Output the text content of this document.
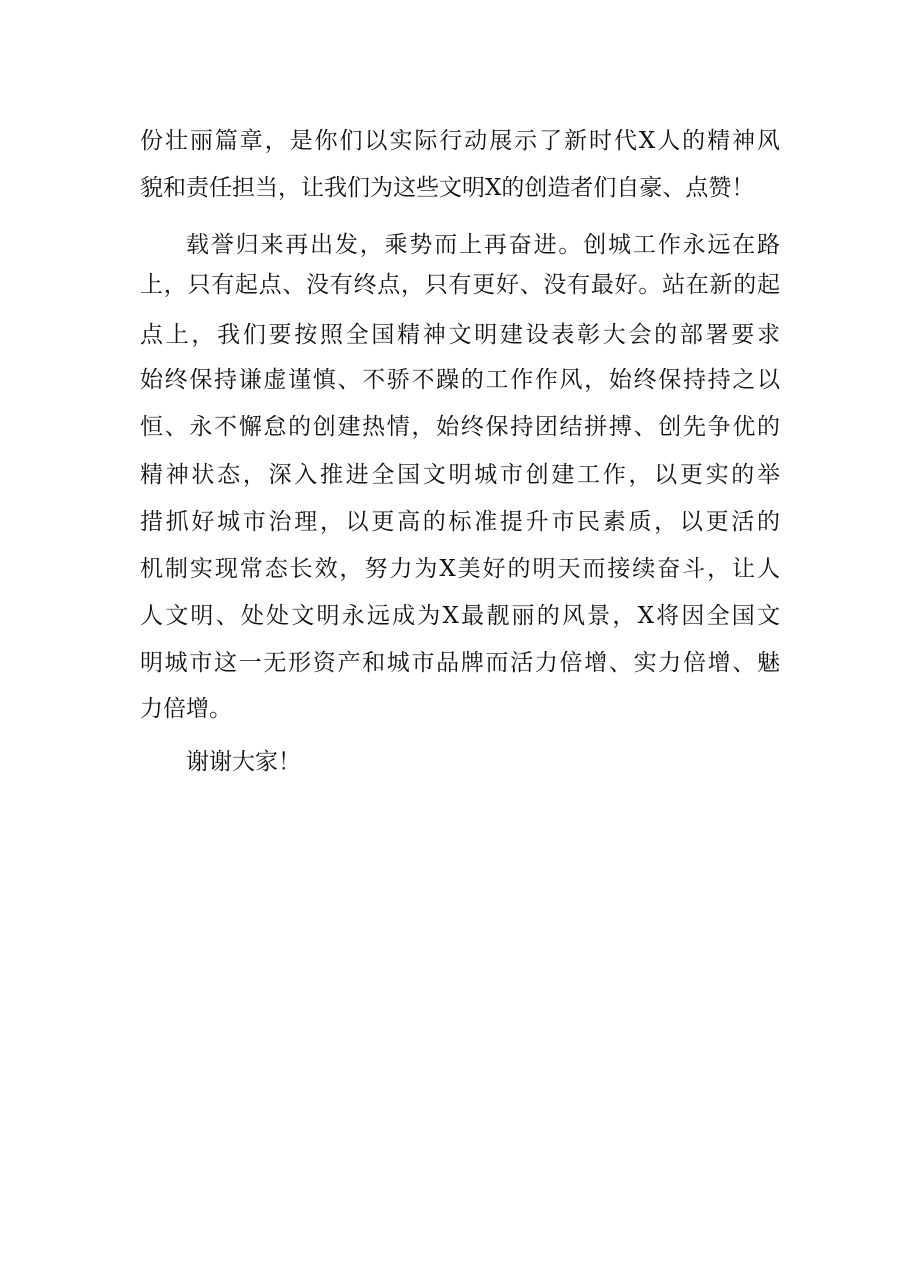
份壮丽篇章，是你们以实际行动展示了新时代X人的精神风
貌和责任担当，让我们为这些文明X的创造者们自豪、点赞！
载誉归来再出发，乘势而上再奋进。创城工作永远在路
上，只有起点、没有终点，只有更好、没有最好。站在新的起
点上，我们要按照全国精神文明建设表彰大会的部署要求
始终保持谦虚谨慎、不骄不躁的工作作风，始终保持持之以
恒、永不懈怠的创建热情，始终保持团结拼搏、创先争优的
精神状态，深入推进全国文明城市创建工作，以更实的举
措抓好城市治理，以更高的标准提升市民素质，以更活的
机制实现常态长效，努力为X美好的明天而接续奋斗，让人
人文明、处处文明永远成为X最靓丽的风景，X将因全国文
明城市这一无形资产和城市品牌而活力倍增、实力倍增、魅
力倍增。
谢谢大家！
